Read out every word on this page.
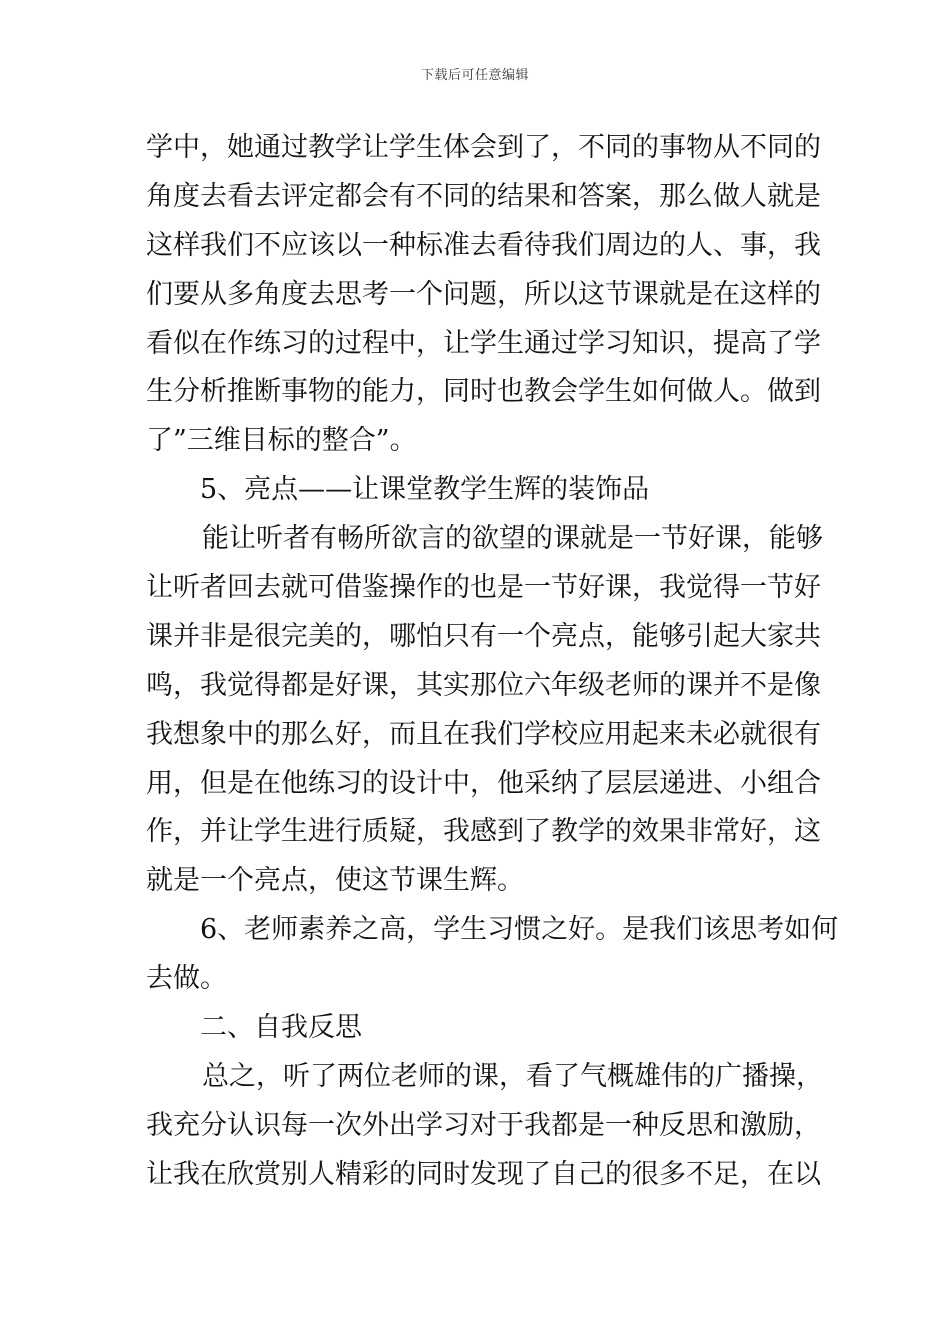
下载后可任意编辑
学中，她通过教学让学生体会到了，不同的事物从不同的
角度去看去评定都会有不同的结果和答案，那么做人就是
这样我们不应该以一种标准去看待我们周边的人、事，我
们要从多角度去思考一个问题，所以这节课就是在这样的
看似在作练习的过程中，让学生通过学习知识，提高了学
生分析推断事物的能力，同时也教会学生如何做人。做到
了”三维目标的整合”。
5、亮点——让课堂教学生辉的装饰品
能让听者有畅所欲言的欲望的课就是一节好课，能够
让听者回去就可借鉴操作的也是一节好课，我觉得一节好
课并非是很完美的，哪怕只有一个亮点，能够引起大家共
鸣，我觉得都是好课，其实那位六年级老师的课并不是像
我想象中的那么好，而且在我们学校应用起来未必就很有
用，但是在他练习的设计中，他采纳了层层递进、小组合
作，并让学生进行质疑，我感到了教学的效果非常好，这
就是一个亮点，使这节课生辉。
6、老师素养之高，学生习惯之好。是我们该思考如何
去做。
二、自我反思
总之，听了两位老师的课，看了气概雄伟的广播操，
我充分认识每一次外出学习对于我都是一种反思和激励，
让我在欣赏别人精彩的同时发现了自己的很多不足，在以
